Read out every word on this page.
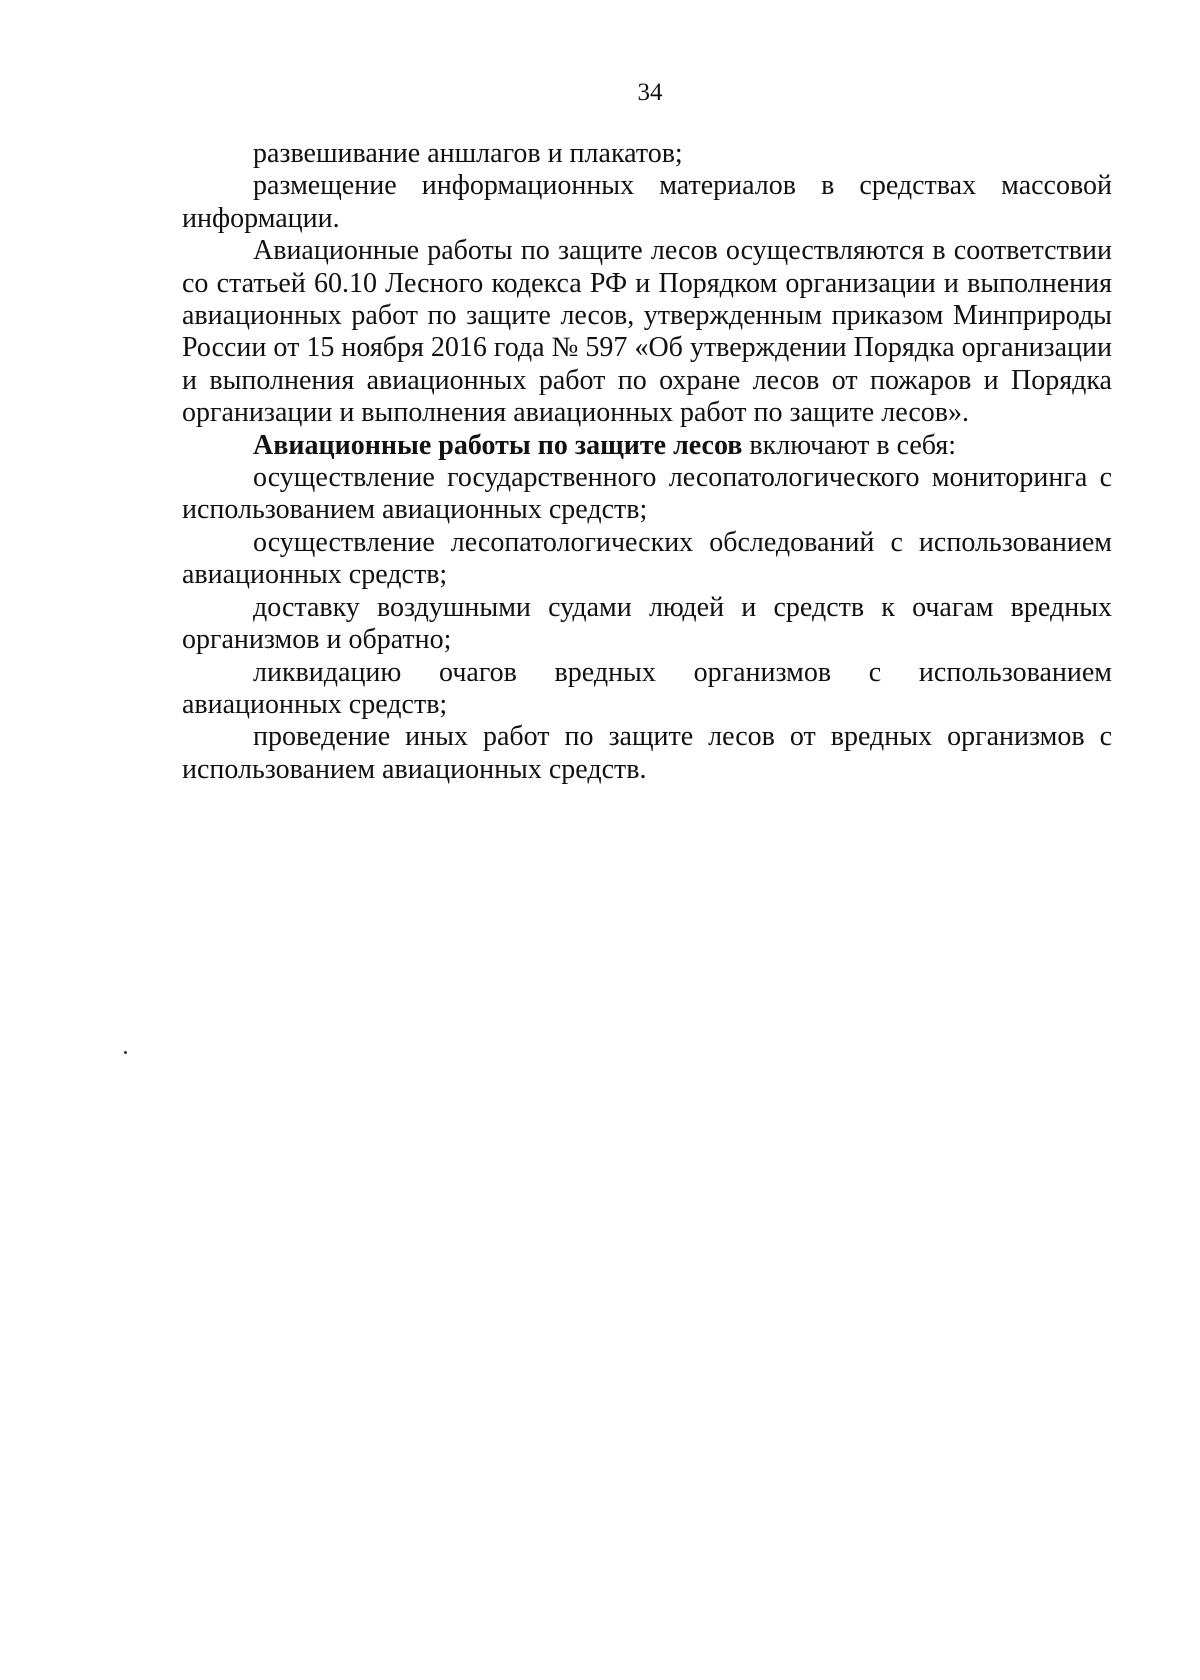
34

развешивание аншлагов и плакатов;

размещение информационных материалов в средствах массовой информации.

Авиационные работы по защите лесов осуществляются в соответствии со статьей 60.10 Лесного кодекса РФ и Порядком организации и выполнения авиационных работ по защите лесов, утвержденным приказом Минприроды России от 15 ноября 2016 года № 597 «Об утверждении Порядка организации и выполнения авиационных работ по охране лесов от пожаров и Порядка организации и выполнения авиационных работ по защите лесов».

Авиационные работы по защите лесов включают в себя:

осуществление государственного лесопатологического мониторинга с использованием авиационных средств;

осуществление лесопатологических обследований с использованием авиационных средств;

доставку воздушными судами людей и средств к очагам вредных организмов и обратно;

ликвидацию очагов вредных организмов с использованием авиационных средств;

проведение иных работ по защите лесов от вредных организмов с использованием авиационных средств.
